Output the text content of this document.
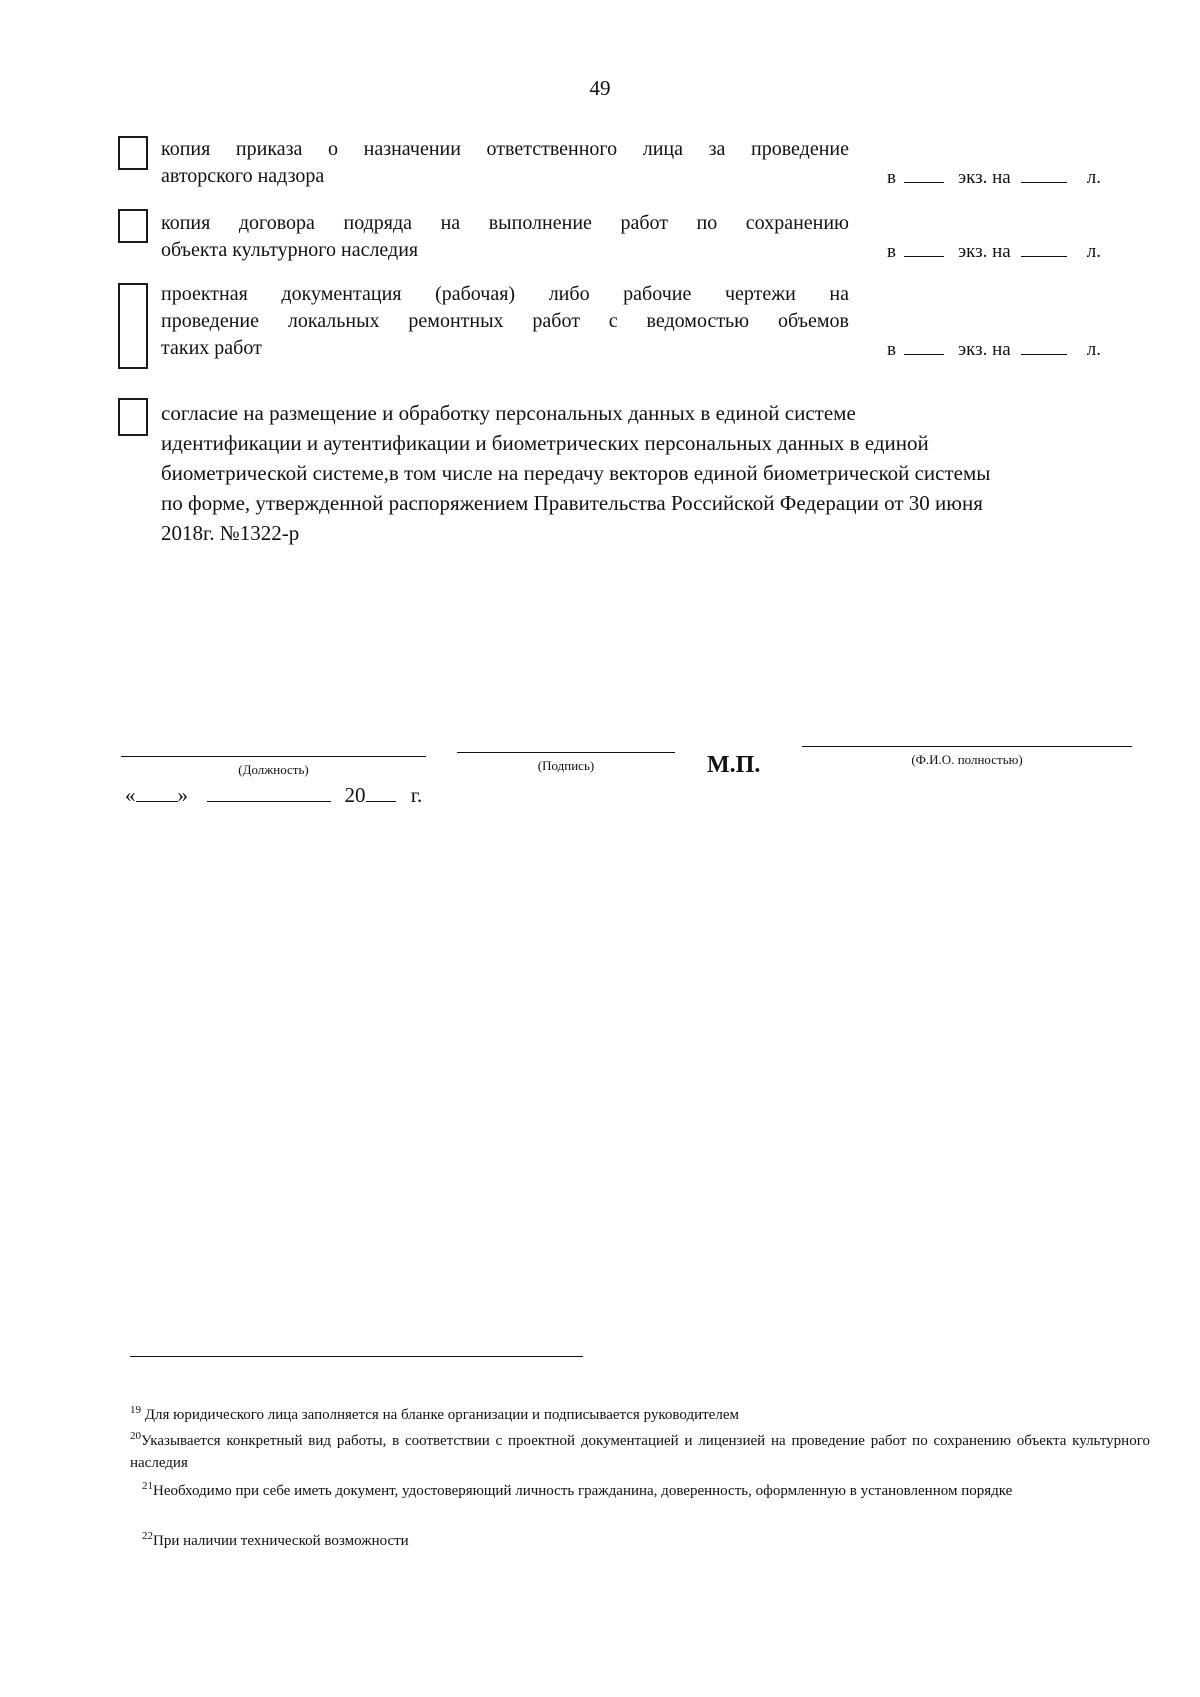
49
копия приказа о назначении ответственного лица за проведение
авторского надзора	в	экз. на	л.
копия договора подряда на выполнение работ по сохранению
объекта культурного наследия	в	экз. на	л.
проектная документация (рабочая) либо рабочие чертежи на
проведение локальных ремонтных работ с ведомостью объемов
таких работ	в	экз. на	л.
согласие на размещение и обработку персональных данных в единой системе
идентификации и аутентификации и биометрических персональных данных в единой
биометрической системе,в том числе на передачу векторов единой биометрической системы
по форме, утвержденной распоряжением Правительства Российской Федерации от 30 июня
2018г. №1322-р
(Должность)	(Подпись)	М.П.	(Ф.И.О. полностью)
« »	20 г.
$^{19}$ Для юридического лица заполняется на бланке организации и подписывается руководителем
$^{20}$Указывается конкретный вид работы, в соответствии с проектной документацией и лицензией на проведение работ по сохранению объекта культурного наследия
$^{21}$Необходимо при себе иметь документ, удостоверяющий личность гражданина, доверенность, оформленную в установленном порядке
$^{22}$При наличии технической возможности
